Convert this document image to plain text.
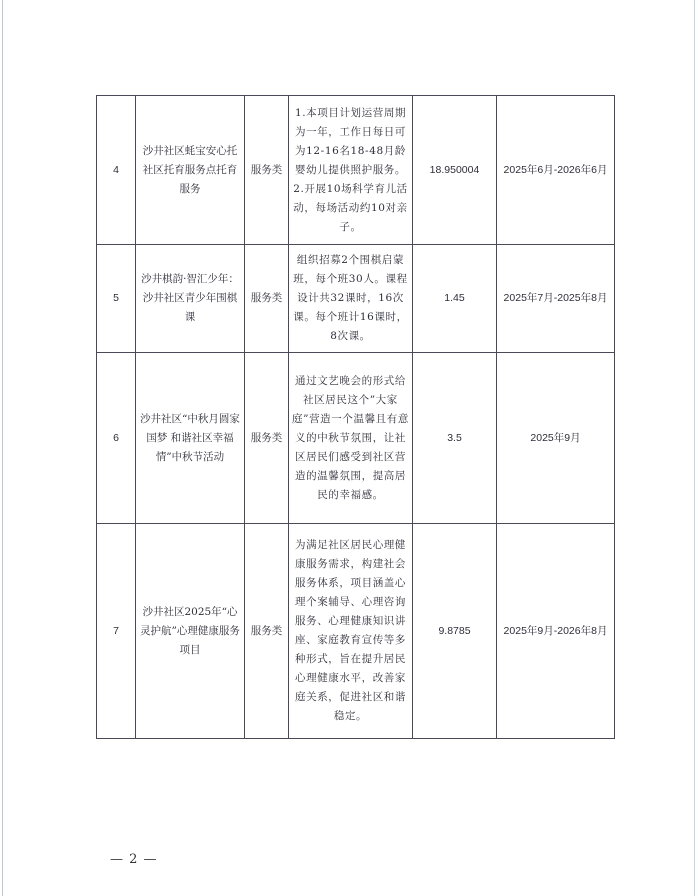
4	沙井社区蚝宝安心托社区托育服务点托育服务	服务类	1.本项目计划运营周期为一年，工作日每日可为12-16名18-48月龄婴幼儿提供照护服务。2.开展10场科学育儿活动，每场活动约10对亲子。	18.950004	2025年6月-2026年6月
5	沙井棋韵·智汇少年：沙井社区青少年围棋课	服务类	组织招募2个围棋启蒙班，每个班30人。课程设计共32课时，16次课。每个班计16课时，8次课。	1.45	2025年7月-2025年8月
6	沙井社区“中秋月圆家国梦 和谐社区幸福情”中秋节活动	服务类	通过文艺晚会的形式给社区居民这个”大家庭”营造一个温馨且有意义的中秋节氛围，让社区居民们感受到社区营造的温馨氛围，提高居民的幸福感。	3.5	2025年9月
7	沙井社区2025年“心灵护航”心理健康服务项目	服务类	为满足社区居民心理健康服务需求，构建社会服务体系，项目涵盖心理个案辅导、心理咨询服务、心理健康知识讲座、家庭教育宣传等多种形式，旨在提升居民心理健康水平，改善家庭关系，促进社区和谐稳定。	9.8785	2025年9月-2026年8月
— 2 —
